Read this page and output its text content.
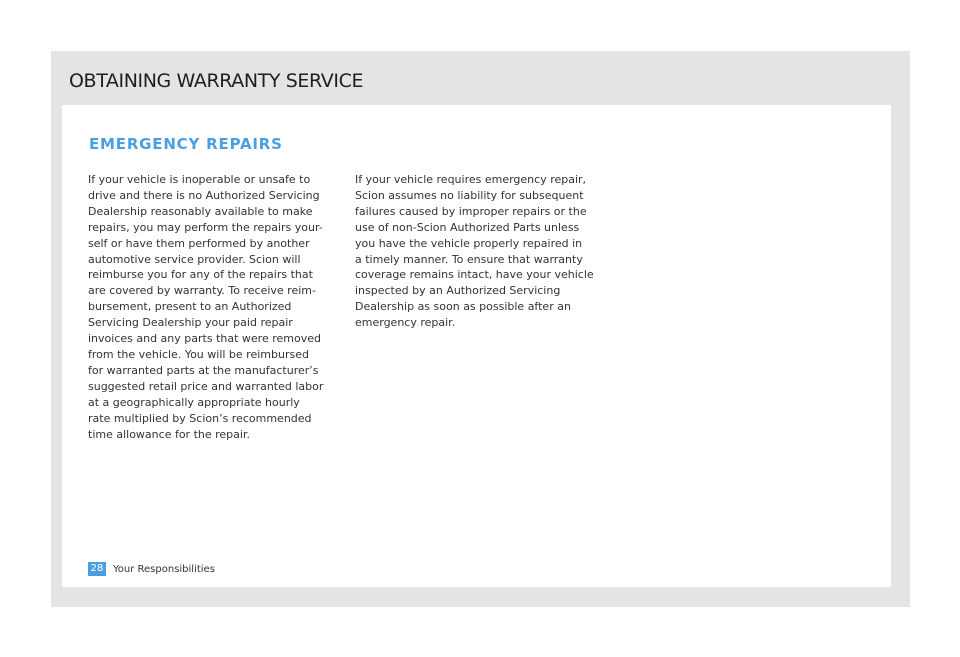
OBTAINING WARRANTY SERVICE
EMERGENCY REPAIRS

If your vehicle is inoperable or unsafe to

drive and there is no Authorized Servicing

Dealership reasonably available to make

repairs, you may perform the repairs your-

self or have them performed by another

automotive service provider. Scion will

reimburse you for any of the repairs that

are covered by warranty. To receive reim-

bursement, present to an Authorized

Servicing Dealership your paid repair

invoices and any parts that were removed

from the vehicle. You will be reimbursed

for warranted parts at the manufacturer’s

suggested retail price and warranted labor

at a geographically appropriate hourly

rate multiplied by Scion’s recommended

time allowance for the repair.

If your vehicle requires emergency repair,

Scion assumes no liability for subsequent

failures caused by improper repairs or the

use of non-Scion Authorized Parts unless

you have the vehicle properly repaired in

a timely manner. To ensure that warranty

coverage remains intact, have your vehicle

inspected by an Authorized Servicing

Dealership as soon as possible after an

emergency repair.

28 Your Responsibilities
